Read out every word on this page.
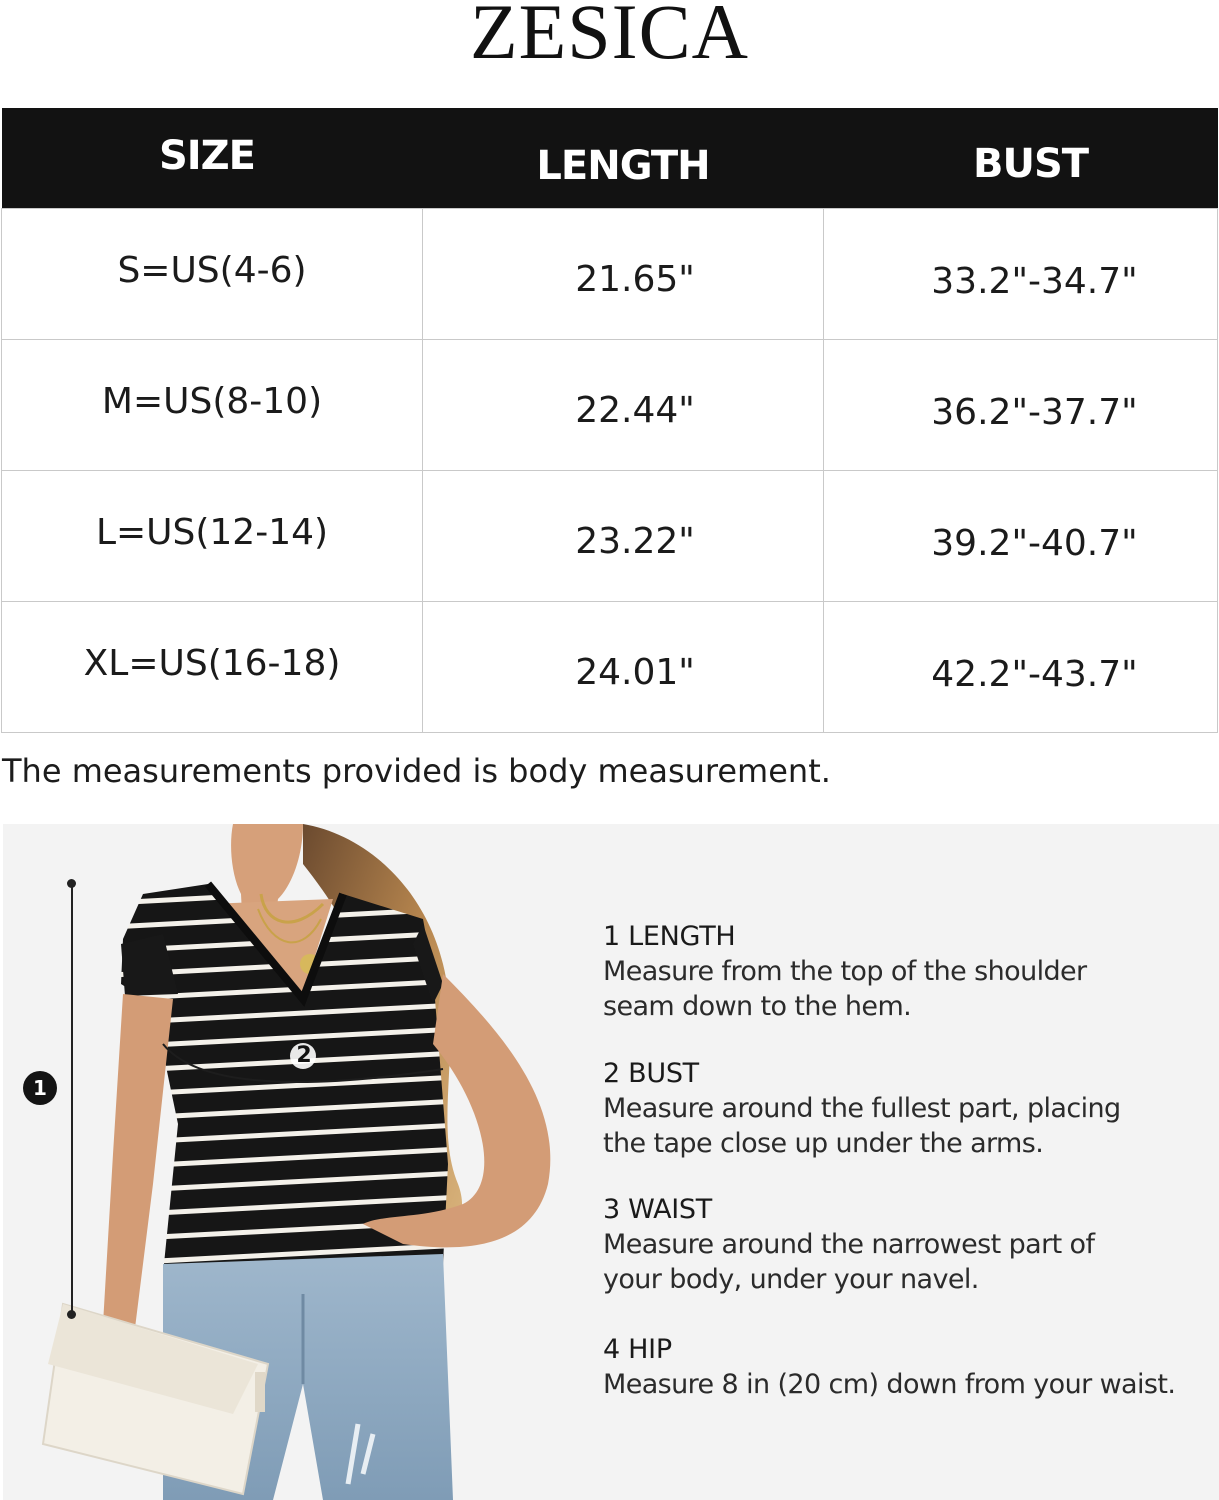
ZESICA
SIZE	LENGTH	BUST
S=US(4-6)	21.65"	33.2"-34.7"
M=US(8-10)	22.44"	36.2"-37.7"
L=US(12-14)	23.22"	39.2"-40.7"
XL=US(16-18)	24.01"	42.2"-43.7"
The measurements provided is body measurement.
2
1
1 LENGTH
Measure from the top of the shoulder
seam down to the hem.
2 BUST
Measure around the fullest part, placing
the tape close up under the arms.
3 WAIST
Measure around the narrowest part of
your body, under your navel.
4 HIP
Measure 8 in (20 cm) down from your waist.
